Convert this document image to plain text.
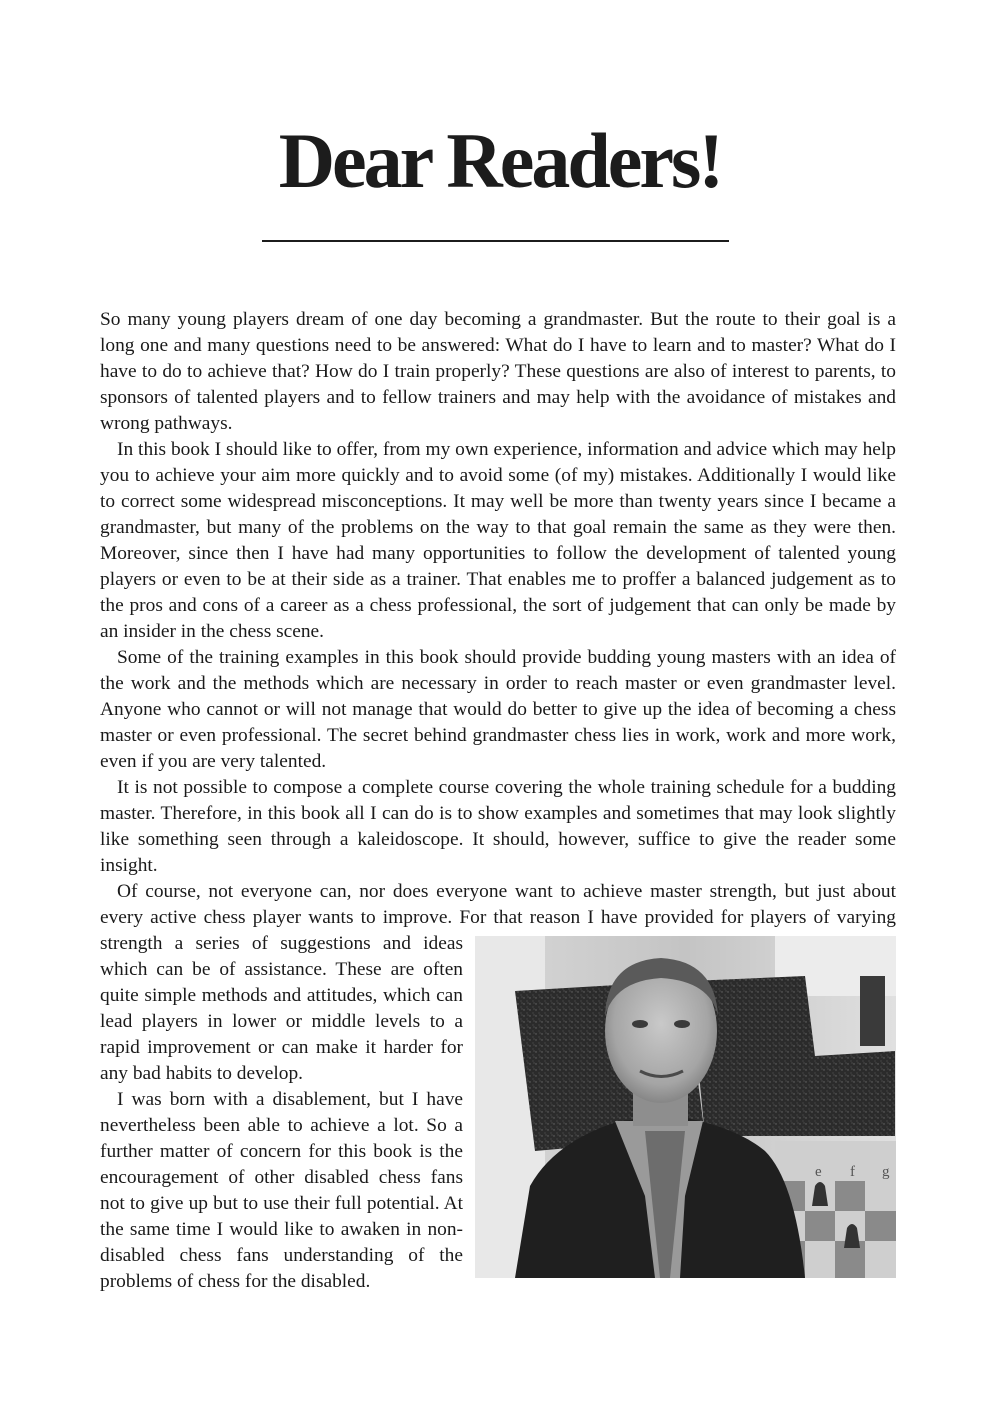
Dear Readers!

So many young players dream of one day becoming a grandmaster. But the route to their goal is a long one and many questions need to be answered: What do I have to learn and to master? What do I have to do to achieve that? How do I train properly? These questions are also of interest to parents, to sponsors of talented players and to fellow trainers and may help with the avoidance of mistakes and wrong pathways.

In this book I should like to offer, from my own experience, information and advice which may help you to achieve your aim more quickly and to avoid some (of my) mistakes. Additionally I would like to correct some widespread misconceptions. It may well be more than twenty years since I became a grandmaster, but many of the problems on the way to that goal remain the same as they were then. Moreover, since then I have had many opportunities to follow the development of talented young players or even to be at their side as a trainer. That enables me to proffer a balanced judgement as to the pros and cons of a career as a chess professional, the sort of judgement that can only be made by an insider in the chess scene.

Some of the training examples in this book should provide budding young masters with an idea of the work and the methods which are necessary in order to reach master or even grandmaster level. Anyone who cannot or will not manage that would do better to give up the idea of becoming a chess master or even professional. The secret behind grandmaster chess lies in work, work and more work, even if you are very talented.

It is not possible to compose a complete course covering the whole training schedule for a budding master. Therefore, in this book all I can do is to show examples and sometimes that may look slightly like something seen through a kaleidoscope. It should, however, suffice to give the reader some insight.

Of course, not everyone can, nor does everyone want to achieve master strength, but just about every active chess player wants to improve. For that reason I have provided for players of varying

e f g

strength a series of suggestions and ideas which can be of assistance. These are often quite simple methods and attitudes, which can lead players in lower or middle levels to a rapid improvement or can make it harder for any bad habits to develop.

I was born with a disablement, but I have nevertheless been able to achieve a lot. So a further matter of concern for this book is the encouragement of other disabled chess fans not to give up but to use their full potential. At the same time I would like to awaken in non-disabled chess fans understanding of the problems of chess for the disabled.
